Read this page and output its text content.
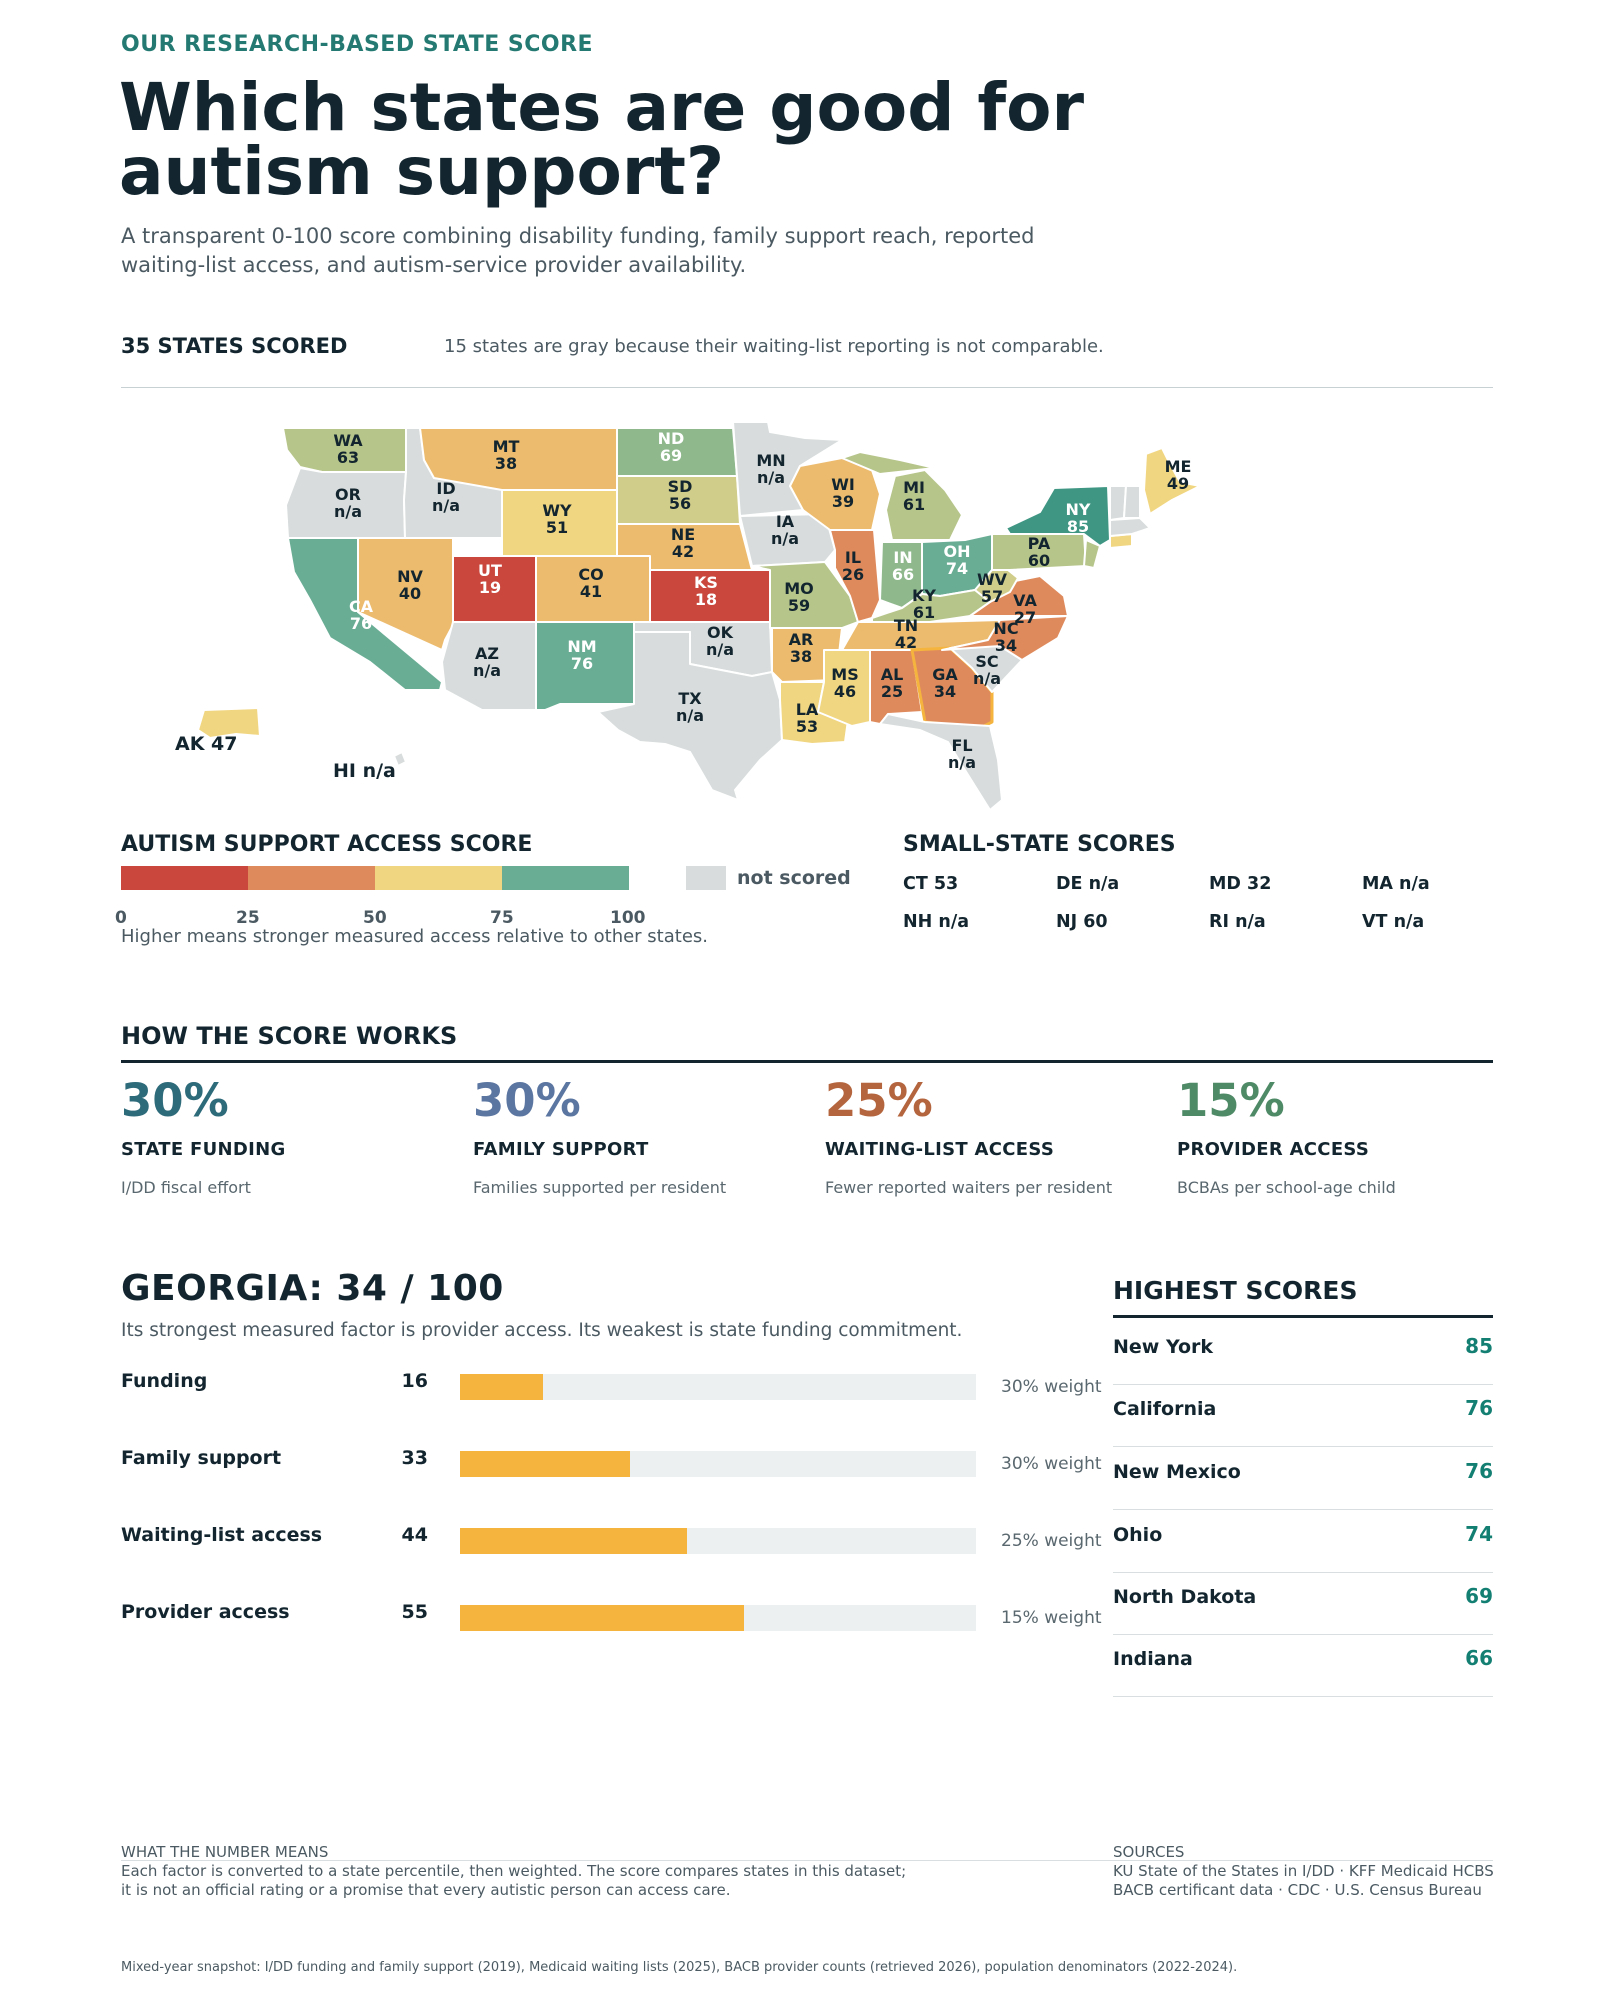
OUR RESEARCH-BASED STATE SCORE
Which states are good for autism support?
A transparent 0-100 score combining disability funding, family support reach, reported waiting-list access, and autism-service provider availability.
35 STATES SCORED	15 states are gray because their waiting-list reporting is not comparable.
WA 63
OR n/a
CA 76
NV 40
ID n/a
MT 38
WY 51
UT 19
AZ n/a
CO 41
NM 76
ND 69
SD 56
NE 42
KS 18
OK n/a
TX n/a
MN n/a
IA n/a
MO 59
AR 38
LA 53
WI 39
IL 26
MI 61
IN 66
OH 74
KY 61
TN 42
MS 46
AL 25
GA 34
FL n/a
SC n/a
NC 34
VA 27
WV 57
PA 60
NY 85
ME 49
AK 47
HI n/a
AUTISM SUPPORT ACCESS SCORE
not scored
0	25	50	75	100
Higher means stronger measured access relative to other states.
SMALL-STATE SCORES
CT 53	DE n/a	MD 32	MA n/a
NH n/a	NJ 60	RI n/a	VT n/a
HOW THE SCORE WORKS
30%
STATE FUNDING
I/DD fiscal effort
30%
FAMILY SUPPORT
Families supported per resident
25%
WAITING-LIST ACCESS
Fewer reported waiters per resident
15%
PROVIDER ACCESS
BCBAs per school-age child
GEORGIA: 34 / 100
Its strongest measured factor is provider access. Its weakest is state funding commitment.
Funding	16	30% weight
Family support	33	30% weight
Waiting-list access	44	25% weight
Provider access	55	15% weight
HIGHEST SCORES
New York	85
California	76
New Mexico	76
Ohio	74
North Dakota	69
Indiana	66
WHAT THE NUMBER MEANS
Each factor is converted to a state percentile, then weighted. The score compares states in this dataset;
it is not an official rating or a promise that every autistic person can access care.
SOURCES
KU State of the States in I/DD · KFF Medicaid HCBS
BACB certificant data · CDC · U.S. Census Bureau
Mixed-year snapshot: I/DD funding and family support (2019), Medicaid waiting lists (2025), BACB provider counts (retrieved 2026), population denominators (2022-2024).
